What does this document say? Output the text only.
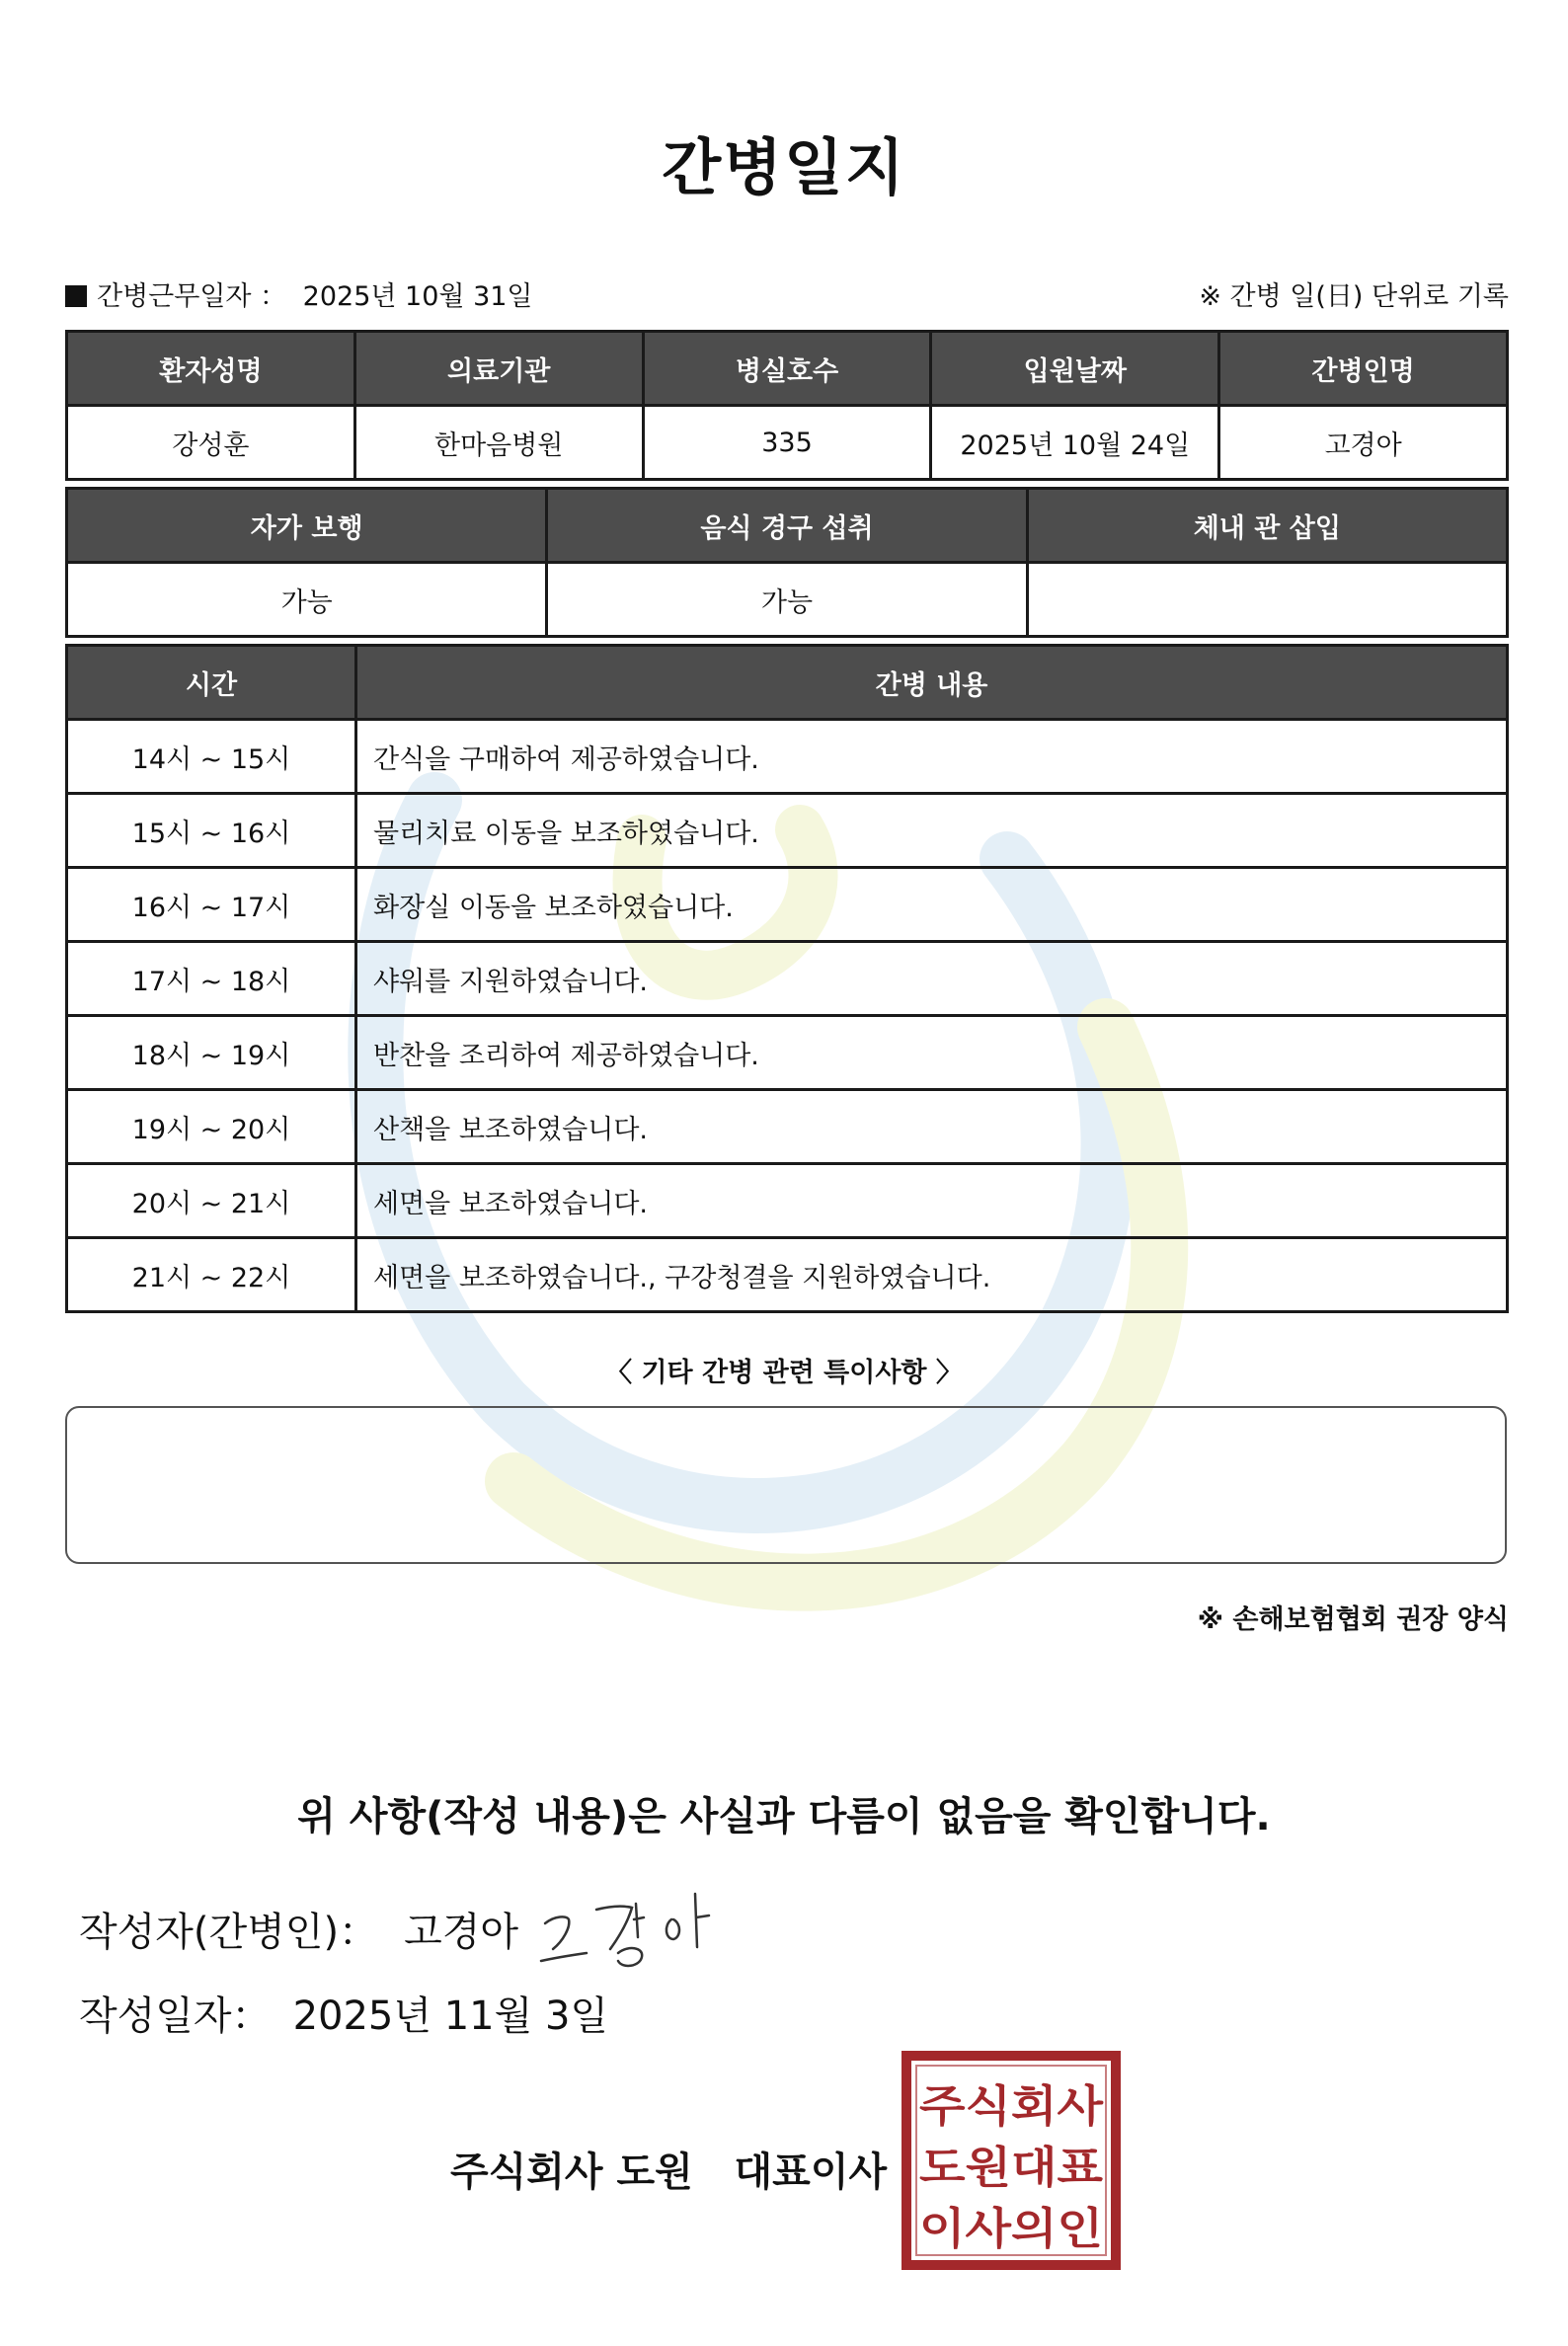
간병일지
간병근무일자 ： 2025년 10월 31일	※ 간병 일(日) 단위로 기록
환자성명	의료기관	병실호수	입원날짜	간병인명
강성훈	한마음병원	335	2025년 10월 24일	고경아
자가 보행	음식 경구 섭취	체내 관 삽입
가능	가능	
시간	간병 내용
14시 ~ 15시	간식을 구매하여 제공하였습니다.
15시 ~ 16시	물리치료 이동을 보조하였습니다.
16시 ~ 17시	화장실 이동을 보조하였습니다.
17시 ~ 18시	샤워를 지원하였습니다.
18시 ~ 19시	반찬을 조리하여 제공하였습니다.
19시 ~ 20시	산책을 보조하였습니다.
20시 ~ 21시	세면을 보조하였습니다.
21시 ~ 22시	세면을 보조하였습니다., 구강청결을 지원하였습니다.
〈 기타 간병 관련 특이사항 〉
※ 손해보험협회 권장 양식
위 사항(작성 내용)은 사실과 다름이 없음을 확인합니다.
작성자(간병인)： 고경아
작성일자： 2025년 11월 3일
주식회사 도원   대표이사
주식회사
도원대표
이사의인
